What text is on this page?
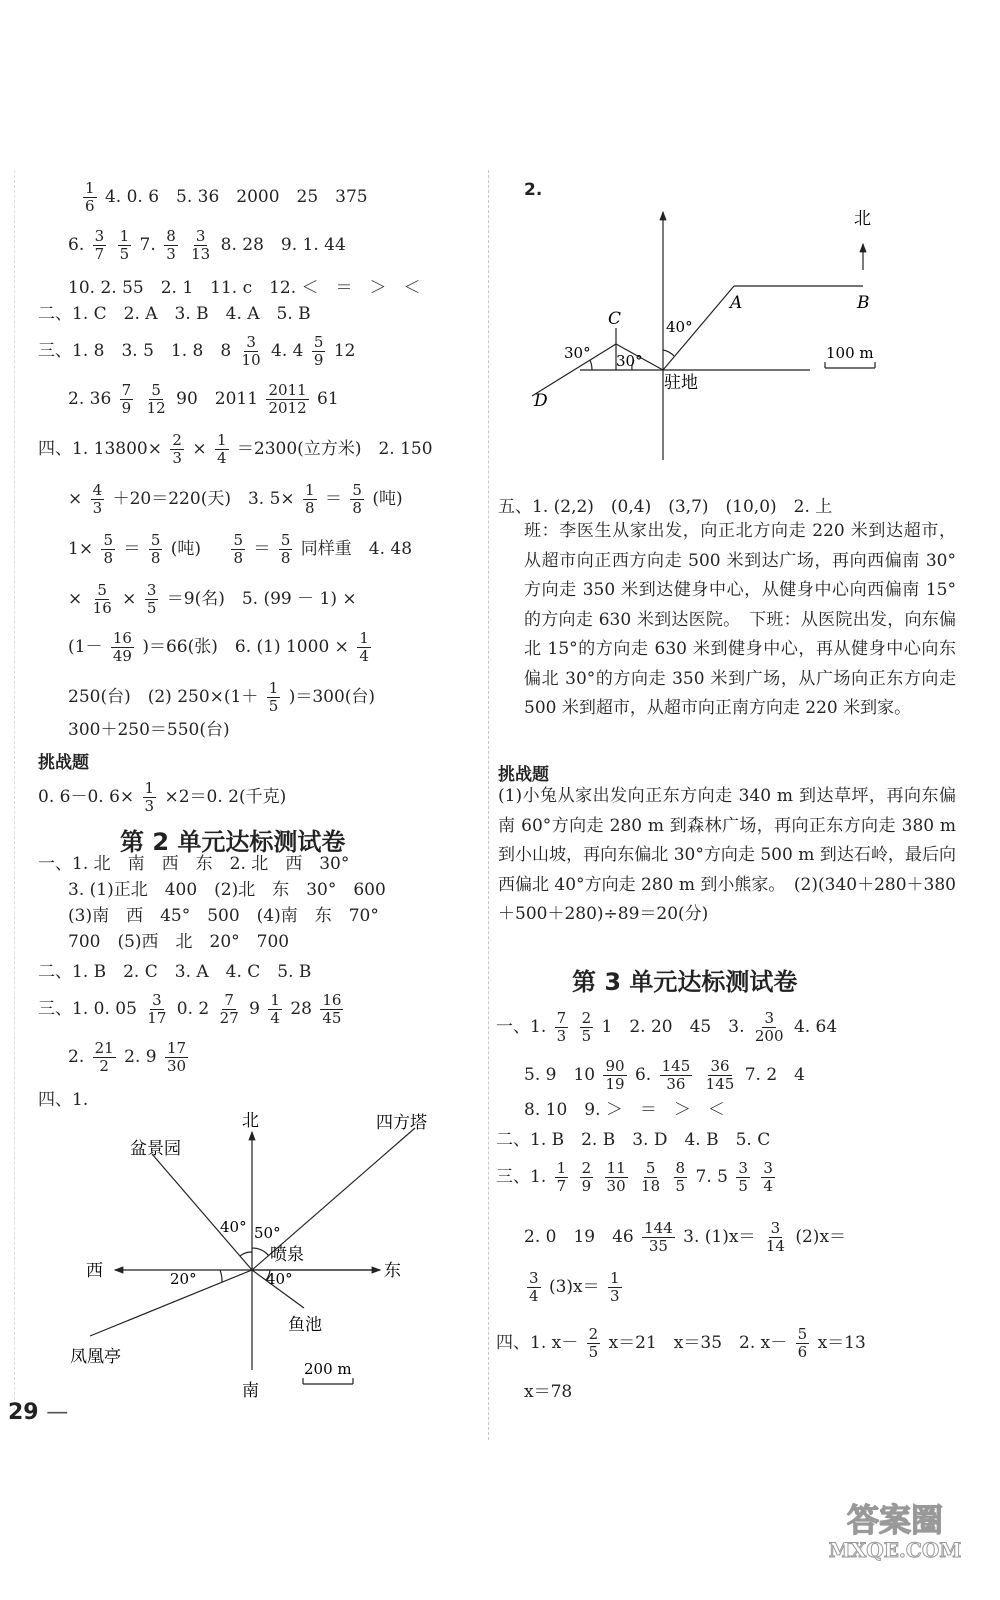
$\frac{1}{6} 4$. 0. 6　5. 36　2000　25　375
6. $\frac{3}{7}$
$\frac{1}{5} 7$. $\frac{8}{3}$
$\frac{3}{13} 8$. 28　9. 1. 44
10. 2. 55　2. 1　11. c　12. ＜　＝　＞　＜
二、1. C　2. A　3. B　4. A　5. B
三、1. 8　3. 5　1. 8　$8 \frac{3}{10} 4$. $4 \frac{5}{9} 12$
2. $36 \frac{7}{9}$
$\frac{5}{12} 90$　$2011 \frac{2011}{2012} 61$
四、1. $13800\times \frac{2}{3} \times \frac{1}{4} =2300$(立方米)　2. 150
× $\frac{4}{3} +20=220$(天)　3. $5\times \frac{1}{8} = \frac{5}{8}$ (吨)
$1\times \frac{5}{8} = \frac{5}{8}$ (吨) $\frac{5}{8} = \frac{5}{8}$ 同样重　4. 48
× $\frac{5}{16} \times \frac{3}{5} =9$(名)　5. (99 － 1) ×
$(1- \frac{16}{49} )=66$(张)　6. (1) $1000 \times \frac{1}{4}$
250(台)　(2) $250\times(1+ \frac{1}{5} )=300$(台)
300＋250＝550(台)
挑战题
0. 6－0. $6\times \frac{1}{3} \times 2=0$. 2(千克)
第 2 单元达标测试卷
一、1. 北　南　西　东　2. 北　西　30°
3. (1)正北　400　(2)北　东　30°　600
(3)南　西　45°　500　(4)南　东　70°
700　(5)西　北　20°　700
二、1. B　2. C　3. A　4. C　5. B
三、1. 0. $05 \frac{3}{17} 0$. $2 \frac{7}{27} 9 \frac{1}{4} 28 \frac{16}{45}$
2. $\frac{21}{2} 2$. $9 \frac{17}{30}$
四、1.
北
南
东
西
四方塔
盆景园
凤凰亭
鱼池
喷泉
40° 50°
20°	40°
200 m
2.
北
A	B
C
D
驻地
40°
30° 30°	100 m
五、1. (2,2)　(0,4)　(3,7)　(10,0)　2. 上
班：李医生从家出发，向正北方向走 220 米到达超市，从超市向正西方向走 500 米到达广场，再向西偏南 30°方向走 350 米到达健身中心，从健身中心向西偏南 15°的方向走 630 米到达医院。　下班：从医院出发，向东偏北 15°的方向走 630 米到健身中心，再从健身中心向东偏北 30°的方向走 350 米到广场，从广场向正东方向走 500 米到超市，从超市向正南方向走 220 米到家。
挑战题
(1)小兔从家出发向正东方向走 340 m 到达草坪，再向东偏南 60°方向走 280 m 到森林广场，再向正东方向走 380 m 到小山坡，再向东偏北 30°方向走 500 m 到达石岭，最后向西偏北 40°方向走 280 m 到小熊家。　(2)(340＋280＋380＋500＋280)÷89＝20(分)
第 3 单元达标测试卷
一、1. $\frac{7}{3}$
$\frac{2}{5} 1$　2. 20　45　3. $\frac{3}{200} 4$. 64
5. 9　$10 \frac{90}{19} 6$. $\frac{145}{36}$
$\frac{36}{145} 7$. 2　4
8. 10　9. ＞　＝　＞　＜
二、1. B　2. B　3. D　4. B　5. C
三、1. $\frac{1}{7}$
$\frac{2}{9}$
$\frac{11}{30}$
$\frac{5}{18}$
$\frac{8}{5} 7$. $5 \frac{3}{5}$
$\frac{3}{4}$
2. 0　19　$46 \frac{144}{35} 3$. $(1)x= \frac{3}{14} (2)x=$
$\frac{3}{4} (3)x= \frac{1}{3}$
四、1. $x- \frac{2}{5} x=21$　x＝35　2. $x- \frac{5}{6} x=13$
x＝78
29 —
答案圈
MXQE.COM
